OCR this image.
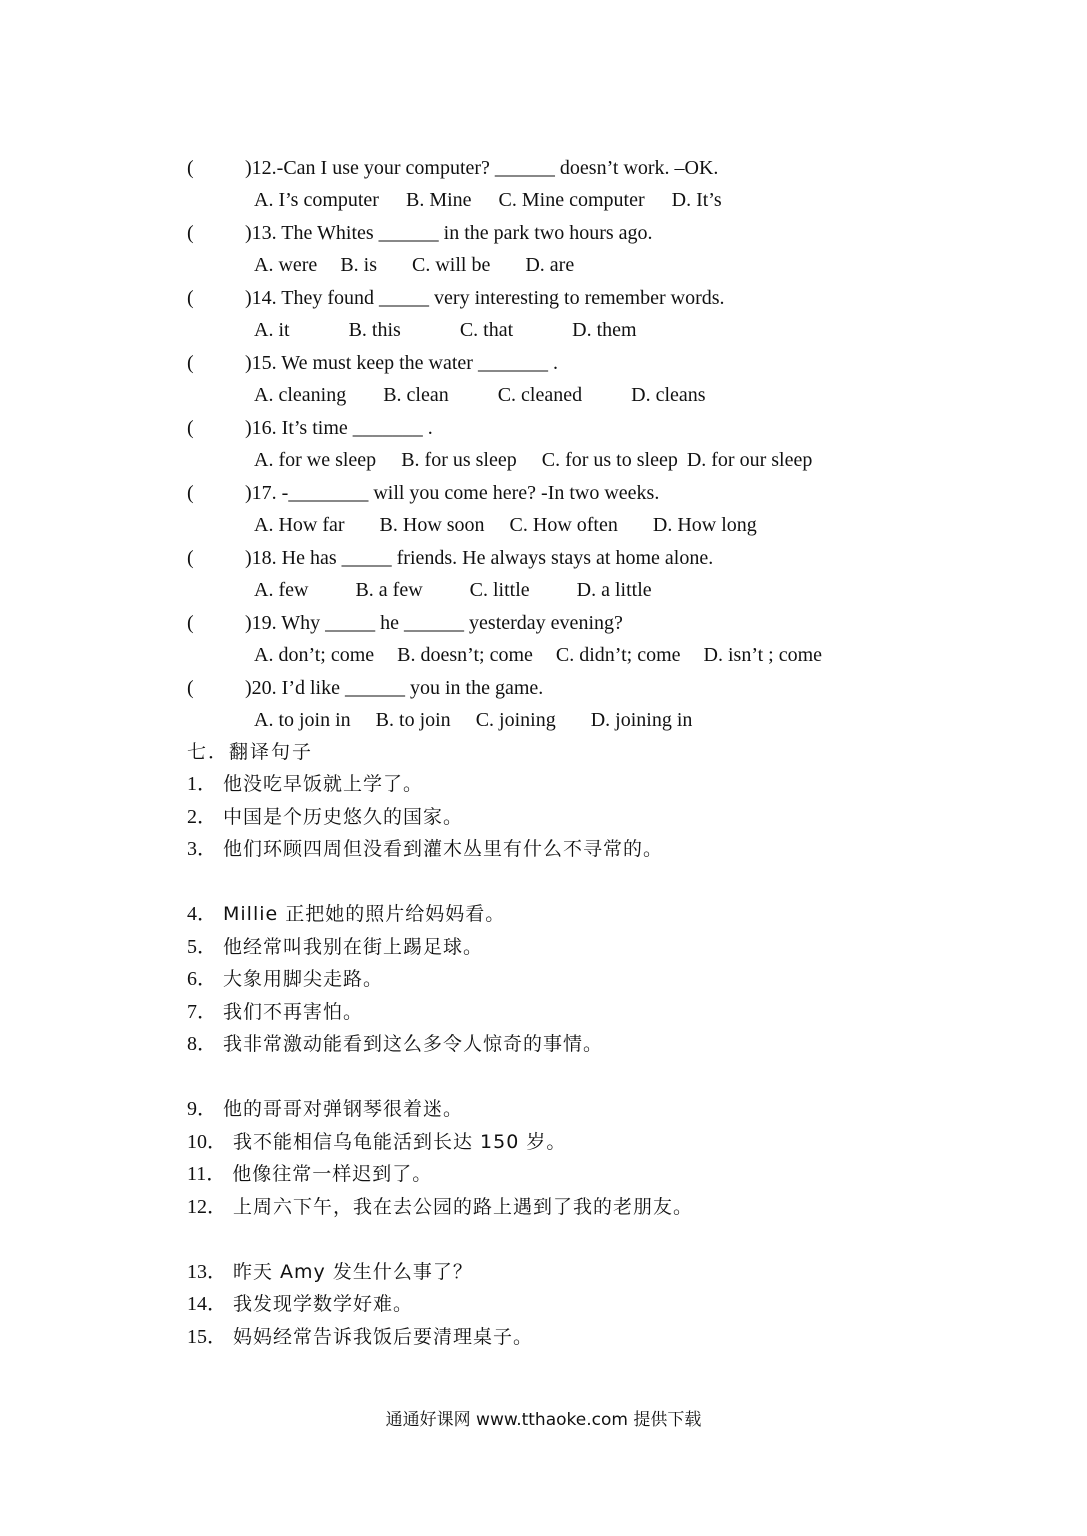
(	)12.-Can I use your computer? ______ doesn’t work. –OK.
A. I’s computer B. Mine C. Mine computer D. It’s
(	)13. The Whites ______ in the park two hours ago.
A. were B. is C. will be D. are
(	)14. They found _____ very interesting to remember words.
A. it	B. this	C. that	D. them
(	)15. We must keep the water _______ .
A. cleaning B. clean C. cleaned D. cleans
(	)16. It’s time _______ .
A. for we sleep B. for us sleep C. for us to sleep D. for our sleep
(	)17. -________ will you come here? -In two weeks.
A. How far B. How soon C. How often D. How long
(	)18. He has _____ friends. He always stays at home alone.
A. few B. a few C. little D. a little
(	)19. Why _____ he ______ yesterday evening?
A. don’t; come B. doesn’t; come C. didn’t; come D. isn’t ; come
(	)20. I’d like ______ you in the game.
A. to join in B. to join C. joining D. joining in
七．翻译句子
1． 他没吃早饭就上学了。
2． 中国是个历史悠久的国家。
3． 他们环顾四周但没看到灌木丛里有什么不寻常的。
4． Millie 正把她的照片给妈妈看。
5． 他经常叫我别在街上踢足球。
6． 大象用脚尖走路。
7． 我们不再害怕。
8． 我非常激动能看到这么多令人惊奇的事情。
9． 他的哥哥对弹钢琴很着迷。
10． 我不能相信乌龟能活到长达 150 岁。
11． 他像往常一样迟到了。
12． 上周六下午，我在去公园的路上遇到了我的老朋友。
13． 昨天 Amy 发生什么事了？
14． 我发现学数学好难。
15． 妈妈经常告诉我饭后要清理桌子。
通通好课网 www.tthaoke.com 提供下载
